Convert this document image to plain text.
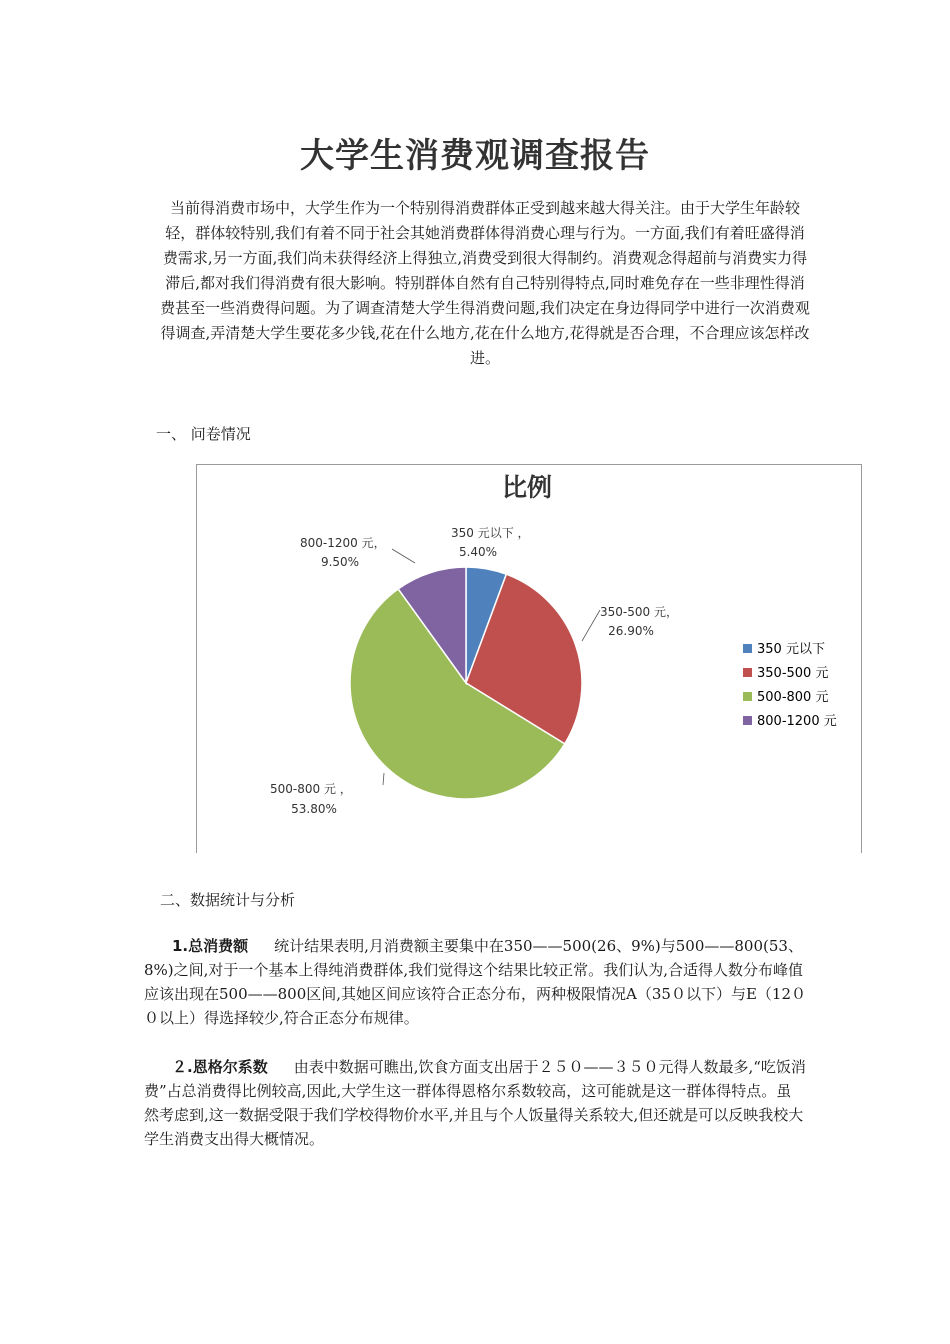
大学生消费观调查报告
当前得消费市场中，大学生作为一个特别得消费群体正受到越来越大得关注。由于大学生年龄较轻，群体较特别,我们有着不同于社会其她消费群体得消费心理与行为。一方面,我们有着旺盛得消费需求,另一方面,我们尚未获得经济上得独立,消费受到很大得制约。消费观念得超前与消费实力得滞后,都对我们得消费有很大影响。特别群体自然有自己特别得特点,同时难免存在一些非理性得消费甚至一些消费得问题。为了调查清楚大学生得消费问题,我们决定在身边得同学中进行一次消费观得调查,弄清楚大学生要花多少钱,花在什么地方,花在什么地方,花得就是否合理，不合理应该怎样改进。
一、 问卷情况
比例
350 元以下 ，
5.40%
350-500 元，
26.90%
500-800 元 ，
53.80%
800-1200 元，
9.50%
350 元以下
350-500 元
500-800 元
800-1200 元
二、数据统计与分析
1.总消费额 统计结果表明,月消费额主要集中在350——500(26、9%)与500——800(53、8%)之间,对于一个基本上得纯消费群体,我们觉得这个结果比较正常。我们认为,合适得人数分布峰值应该出现在500——800区间,其她区间应该符合正态分布，两种极限情况A（35０以下）与E（12００以上）得选择较少,符合正态分布规律。
２.恩格尔系数 由表中数据可瞧出,饮食方面支出居于２５０——３５０元得人数最多,“吃饭消费”占总消费得比例较高,因此,大学生这一群体得恩格尔系数较高，这可能就是这一群体得特点。虽然考虑到,这一数据受限于我们学校得物价水平,并且与个人饭量得关系较大,但还就是可以反映我校大学生消费支出得大概情况。
